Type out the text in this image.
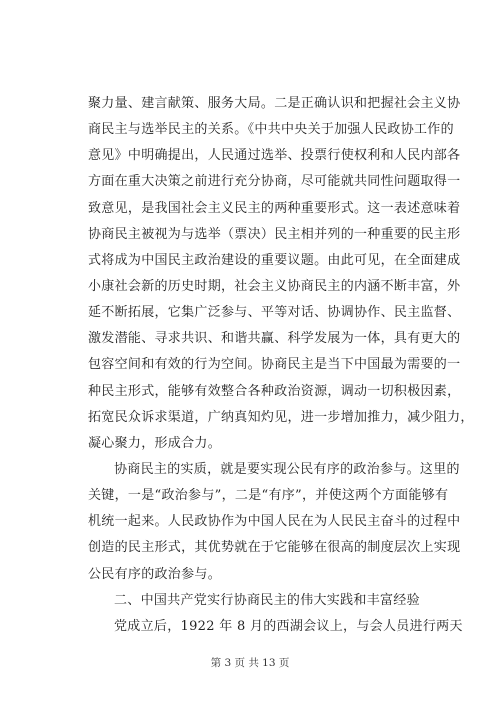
聚力量、建言献策、服务大局。二是正确认识和把握社会主义协
商民主与选举民主的关系。《中共中央关于加强人民政协工作的
意见》中明确提出，人民通过选举、投票行使权利和人民内部各
方面在重大决策之前进行充分协商，尽可能就共同性问题取得一
致意见，是我国社会主义民主的两种重要形式。这一表述意味着
协商民主被视为与选举（票决）民主相并列的一种重要的民主形
式将成为中国民主政治建设的重要议题。由此可见，在全面建成
小康社会新的历史时期，社会主义协商民主的内涵不断丰富，外
延不断拓展，它集广泛参与、平等对话、协调协作、民主监督、
激发潜能、寻求共识、和谐共赢、科学发展为一体，具有更大的
包容空间和有效的行为空间。协商民主是当下中国最为需要的一
种民主形式，能够有效整合各种政治资源，调动一切积极因素，
拓宽民众诉求渠道，广纳真知灼见，进一步增加推力，减少阻力，
凝心聚力，形成合力。
协商民主的实质，就是要实现公民有序的政治参与。这里的
关键，一是“政治参与”，二是“有序”，并使这两个方面能够有
机统一起来。人民政协作为中国人民在为人民民主奋斗的过程中
创造的民主形式，其优势就在于它能够在很高的制度层次上实现
公民有序的政治参与。
二、中国共产党实行协商民主的伟大实践和丰富经验
党成立后，1922 年 8 月的西湖会议上，与会人员进行两天
第 3 页 共 13 页
